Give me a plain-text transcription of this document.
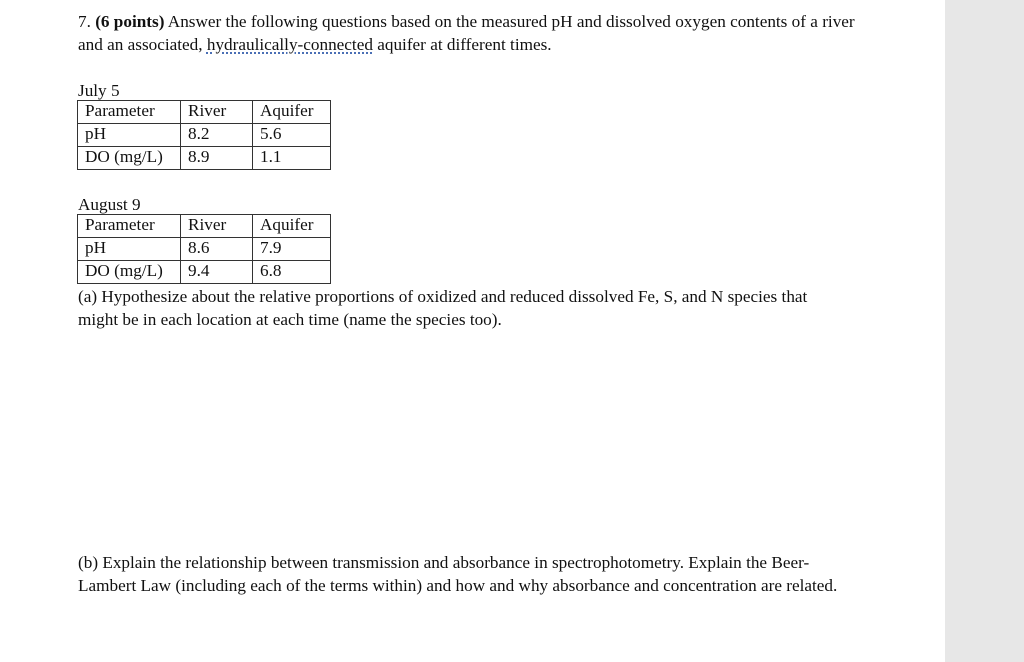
7. (6 points) Answer the following questions based on the measured pH and dissolved oxygen contents of a river and an associated, hydraulically-connected aquifer at different times.

July 5

Parameter	River	Aquifer
pH	8.2	5.6
DO (mg/L)	8.9	1.1

August 9

Parameter	River	Aquifer
pH	8.6	7.9
DO (mg/L)	9.4	6.8

(a) Hypothesize about the relative proportions of oxidized and reduced dissolved Fe, S, and N species that might be in each location at each time (name the species too).

(b) Explain the relationship between transmission and absorbance in spectrophotometry. Explain the Beer-Lambert Law (including each of the terms within) and how and why absorbance and concentration are related.
